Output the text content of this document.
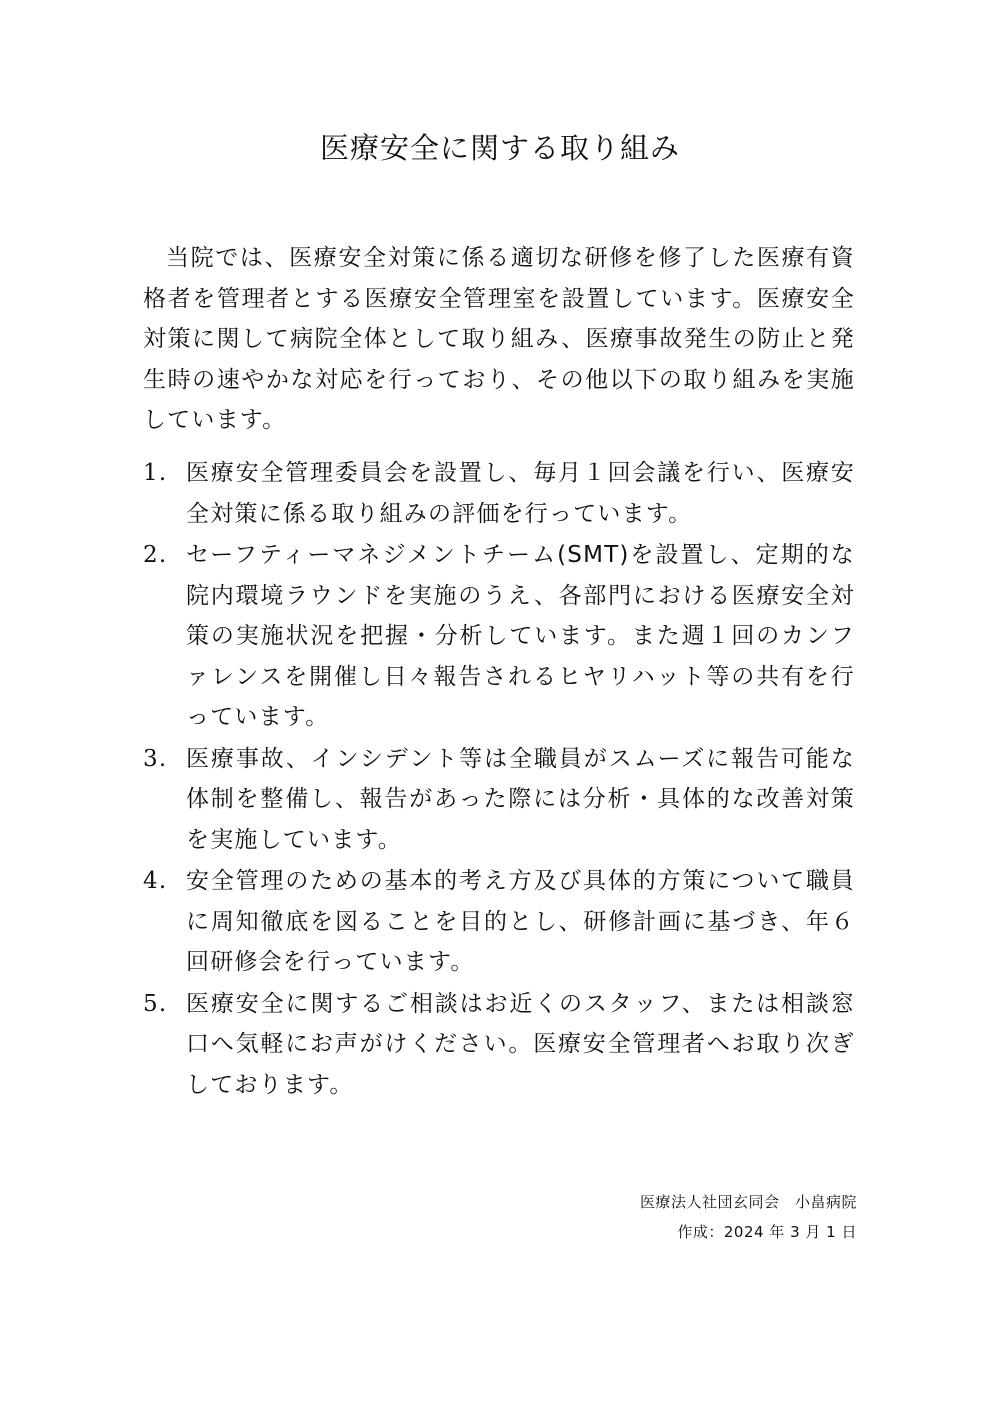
医療安全に関する取り組み

当院では、医療安全対策に係る適切な研修を修了した医療有資格者を管理者とする医療安全管理室を設置しています。医療安全対策に関して病院全体として取り組み、医療事故発生の防止と発生時の速やかな対応を行っており、その他以下の取り組みを実施しています。

1. 医療安全管理委員会を設置し、毎月１回会議を行い、医療安全対策に係る取り組みの評価を行っています。
2. セーフティーマネジメントチーム(SMT)を設置し、定期的な院内環境ラウンドを実施のうえ、各部門における医療安全対策の実施状況を把握・分析しています。また週１回のカンファレンスを開催し日々報告されるヒヤリハット等の共有を行っています。
3. 医療事故、インシデント等は全職員がスムーズに報告可能な体制を整備し、報告があった際には分析・具体的な改善対策を実施しています。
4. 安全管理のための基本的考え方及び具体的方策について職員に周知徹底を図ることを目的とし、研修計画に基づき、年６回研修会を行っています。
5. 医療安全に関するご相談はお近くのスタッフ、または相談窓口へ気軽にお声がけください。医療安全管理者へお取り次ぎしております。
医療法人社団玄同会　小畠病院
作成：2024 年 3 月 1 日
